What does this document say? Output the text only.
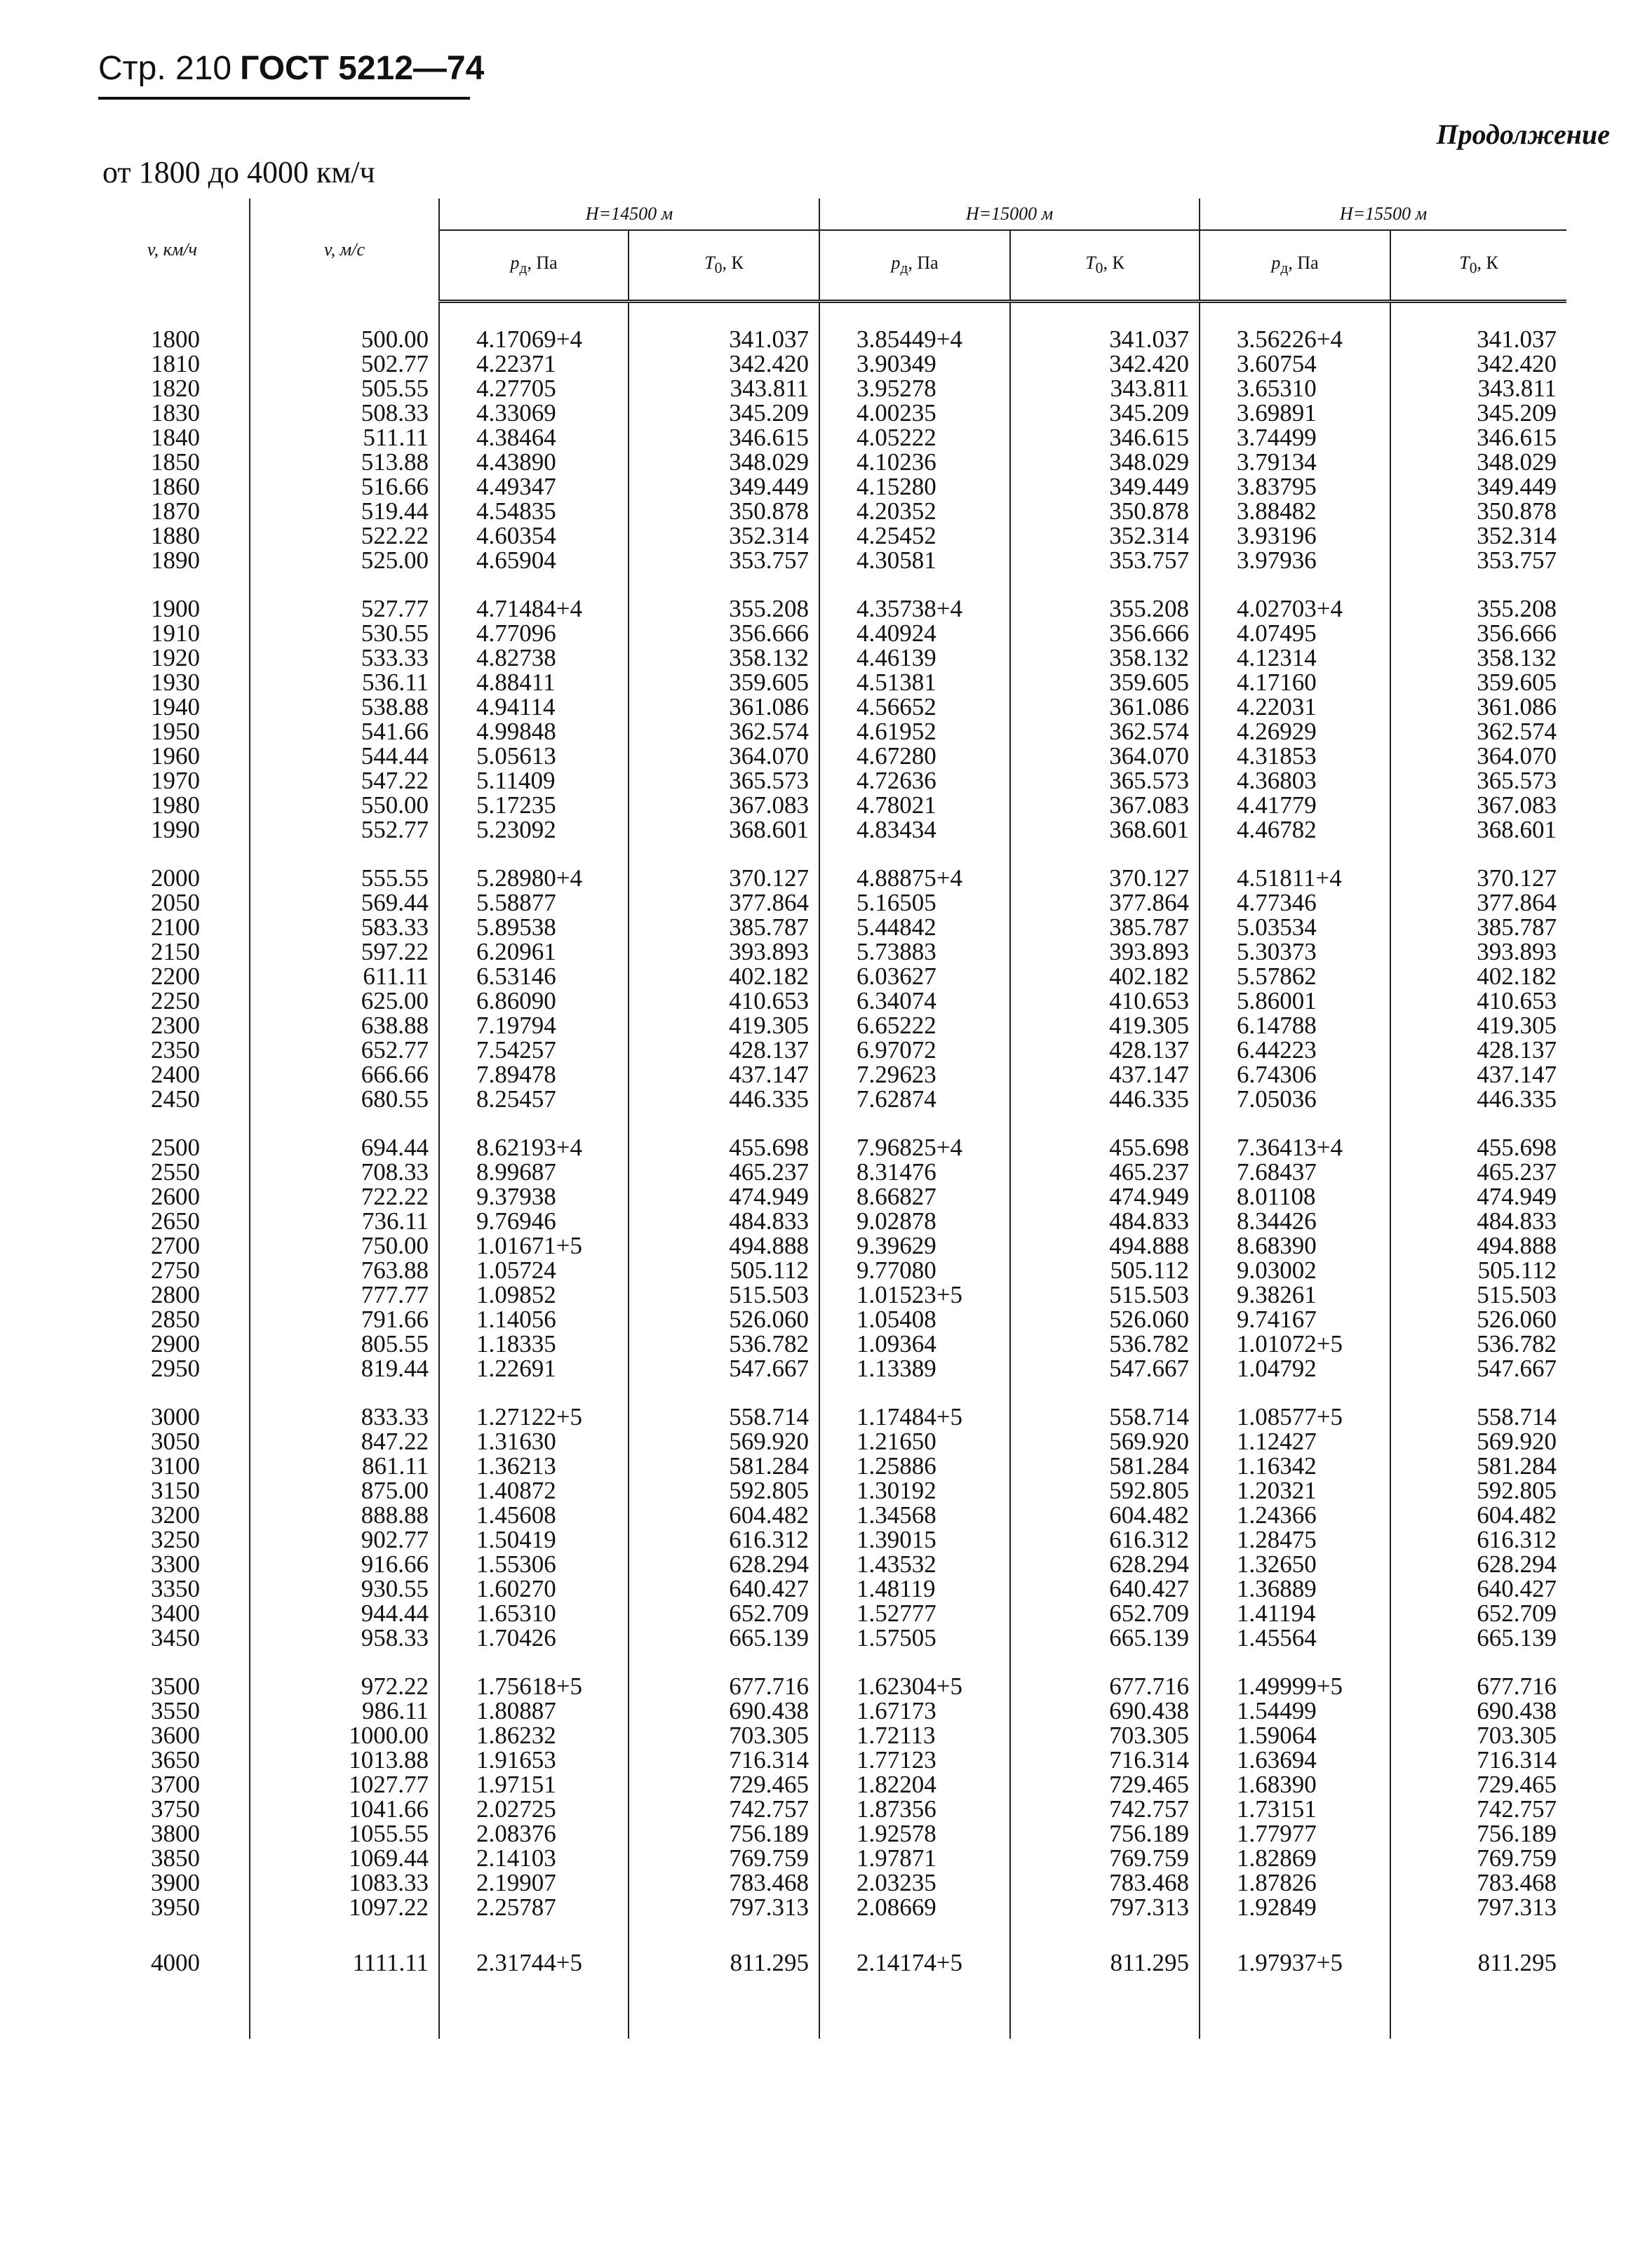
Стр. 210 ГОСТ 5212—74
Продолжение
от 1800 до 4000 км/ч
v, км/ч	v, м/с	H=14500 м		H=15000 м		H=15500 м	
		$p_д$, Па	$T_0$, К	$p_д$, Па	$T_0$, К	$p_д$, Па	$T_0$, К

1800	500.00	4.17069+4	341.037	3.85449+4	341.037	3.56226+4	341.037
1810	502.77	4.22371	342.420	3.90349	342.420	3.60754	342.420
1820	505.55	4.27705	343.811	3.95278	343.811	3.65310	343.811
1830	508.33	4.33069	345.209	4.00235	345.209	3.69891	345.209
1840	511.11	4.38464	346.615	4.05222	346.615	3.74499	346.615
1850	513.88	4.43890	348.029	4.10236	348.029	3.79134	348.029
1860	516.66	4.49347	349.449	4.15280	349.449	3.83795	349.449
1870	519.44	4.54835	350.878	4.20352	350.878	3.88482	350.878
1880	522.22	4.60354	352.314	4.25452	352.314	3.93196	352.314
1890	525.00	4.65904	353.757	4.30581	353.757	3.97936	353.757

1900	527.77	4.71484+4	355.208	4.35738+4	355.208	4.02703+4	355.208
1910	530.55	4.77096	356.666	4.40924	356.666	4.07495	356.666
1920	533.33	4.82738	358.132	4.46139	358.132	4.12314	358.132
1930	536.11	4.88411	359.605	4.51381	359.605	4.17160	359.605
1940	538.88	4.94114	361.086	4.56652	361.086	4.22031	361.086
1950	541.66	4.99848	362.574	4.61952	362.574	4.26929	362.574
1960	544.44	5.05613	364.070	4.67280	364.070	4.31853	364.070
1970	547.22	5.11409	365.573	4.72636	365.573	4.36803	365.573
1980	550.00	5.17235	367.083	4.78021	367.083	4.41779	367.083
1990	552.77	5.23092	368.601	4.83434	368.601	4.46782	368.601

2000	555.55	5.28980+4	370.127	4.88875+4	370.127	4.51811+4	370.127
2050	569.44	5.58877	377.864	5.16505	377.864	4.77346	377.864
2100	583.33	5.89538	385.787	5.44842	385.787	5.03534	385.787
2150	597.22	6.20961	393.893	5.73883	393.893	5.30373	393.893
2200	611.11	6.53146	402.182	6.03627	402.182	5.57862	402.182
2250	625.00	6.86090	410.653	6.34074	410.653	5.86001	410.653
2300	638.88	7.19794	419.305	6.65222	419.305	6.14788	419.305
2350	652.77	7.54257	428.137	6.97072	428.137	6.44223	428.137
2400	666.66	7.89478	437.147	7.29623	437.147	6.74306	437.147
2450	680.55	8.25457	446.335	7.62874	446.335	7.05036	446.335

2500	694.44	8.62193+4	455.698	7.96825+4	455.698	7.36413+4	455.698
2550	708.33	8.99687	465.237	8.31476	465.237	7.68437	465.237
2600	722.22	9.37938	474.949	8.66827	474.949	8.01108	474.949
2650	736.11	9.76946	484.833	9.02878	484.833	8.34426	484.833
2700	750.00	1.01671+5	494.888	9.39629	494.888	8.68390	494.888
2750	763.88	1.05724	505.112	9.77080	505.112	9.03002	505.112
2800	777.77	1.09852	515.503	1.01523+5	515.503	9.38261	515.503
2850	791.66	1.14056	526.060	1.05408	526.060	9.74167	526.060
2900	805.55	1.18335	536.782	1.09364	536.782	1.01072+5	536.782
2950	819.44	1.22691	547.667	1.13389	547.667	1.04792	547.667

3000	833.33	1.27122+5	558.714	1.17484+5	558.714	1.08577+5	558.714
3050	847.22	1.31630	569.920	1.21650	569.920	1.12427	569.920
3100	861.11	1.36213	581.284	1.25886	581.284	1.16342	581.284
3150	875.00	1.40872	592.805	1.30192	592.805	1.20321	592.805
3200	888.88	1.45608	604.482	1.34568	604.482	1.24366	604.482
3250	902.77	1.50419	616.312	1.39015	616.312	1.28475	616.312
3300	916.66	1.55306	628.294	1.43532	628.294	1.32650	628.294
3350	930.55	1.60270	640.427	1.48119	640.427	1.36889	640.427
3400	944.44	1.65310	652.709	1.52777	652.709	1.41194	652.709
3450	958.33	1.70426	665.139	1.57505	665.139	1.45564	665.139

3500	972.22	1.75618+5	677.716	1.62304+5	677.716	1.49999+5	677.716
3550	986.11	1.80887	690.438	1.67173	690.438	1.54499	690.438
3600	1000.00	1.86232	703.305	1.72113	703.305	1.59064	703.305
3650	1013.88	1.91653	716.314	1.77123	716.314	1.63694	716.314
3700	1027.77	1.97151	729.465	1.82204	729.465	1.68390	729.465
3750	1041.66	2.02725	742.757	1.87356	742.757	1.73151	742.757
3800	1055.55	2.08376	756.189	1.92578	756.189	1.77977	756.189
3850	1069.44	2.14103	769.759	1.97871	769.759	1.82869	769.759
3900	1083.33	2.19907	783.468	2.03235	783.468	1.87826	783.468
3950	1097.22	2.25787	797.313	2.08669	797.313	1.92849	797.313

4000	1111.11	2.31744+5	811.295	2.14174+5	811.295	1.97937+5	811.295
